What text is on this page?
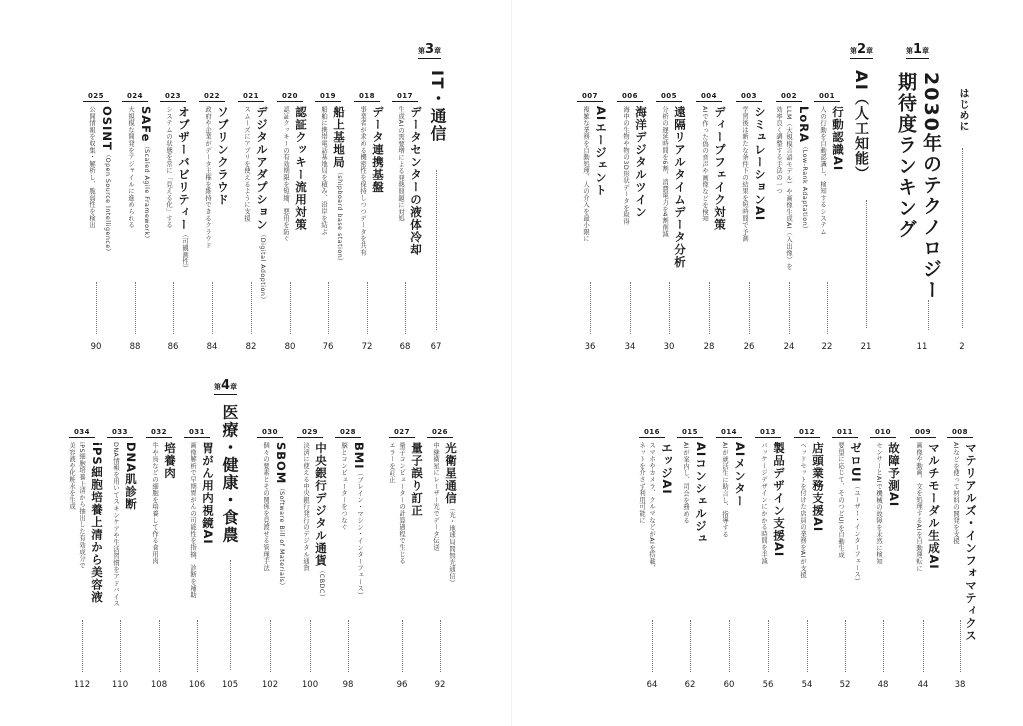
はじめに
2
第1章
2030年のテクノロジー
期待度ランキング
11
第2章
AI（人工知能）
21
第3章
IT・通信
67
第4章
医療・健康・食農
105
001
行動認識AI
人の行動を自動認識し、検知するシステム
22
002
LoRA（Low-Rank Adaptation）
LLM（大規模言語モデル）や画像生成AI（入出像）を
効率良く調整する手法の一つ
24
003
シミュレーションAI
学習後は新たな条件下の結果を短時間で予測
26
004
ディープフェイク対策
AIで作った偽の音声や画像などを検知
28
005
遠隔リアルタイムデータ分析
分析の遅延時間を6割、消費電力を4割削減
30
006
海洋デジタルツイン
海中の生物や物の3D形状データを取得
34
007
AIエージェント
複雑な業務を自動処理、人の介入を最小限に
36
008
マテリアルズ・インフォマティクス
AIなどを使って材料の開発を支援
38
009
マルチモーダル生成AI
画像や動画、文を処理するAIを自動運転に
44
010
故障予測AI
センサーとAIで機械の故障を未然に検知
48
011
ゼロUI（ユーザー・インターフェース）
要望に応じて、そのつどUIを自動生成
52
012
店頭業務支援AI
ヘッドセットを付けた店員の業務をAIが支援
54
013
製品デザイン支援AI
パッケージデザインにかかる時間を半減
56
014
AIメンター
AIが就活生に助言し、指導する
60
015
AIコンシェルジュ
AIが案内し、司会を務める
62
016
エッジAI
スマホやカメラ、クルマなどがAIを搭載、
ネットを介さず利用可能に
64
017
データセンターの液体冷却
生成AIの需要増による発熱問題に対処
68
018
データ連携基盤
事業者が求める機密性を保持しつつデータを共有
72
019
船上基地局（shipboard base station）
船舶に携帯電話基地局を積み、沿岸を結ぶ
76
020
認証クッキー流用対策
認証クッキーの有効期限を短縮、悪用を防ぐ
80
021
デジタルアダプション（Digital Adoption）
スムーズにアプリを使えるように支援
82
022
ソブリンクラウド
政府や企業がデータ主権を維持できるクラウド
84
023
オブザーバビリティー（可観測性）
システムの状態を常に「見える化」する
86
024
SAFe（Scaled Agile Framework）
大規模な開発をアジャイルに進められる
88
025
OSINT（Open Source Intelligence）
公開情報を収集・解析し、脆弱性を検出
90
026
光衛星通信（光・地球局間無光通信）
中継衛星にレーザー光でデータ伝送
92
027
量子誤り訂正
量子コンピューターの計算過程で生じる
エラーを訂正
96
028
BMI（ブレイン・マシン・インターフェース）
脳とコンピューターをつなぐ
98
029
中央銀行デジタル通貨（CBDC）
決済に使える中央銀行発行のデジタル通貨
100
030
SBOM（Software Bill of Materials）
個々の要素とその関係を見渡せる管理手法
102
031
胃がん用内視鏡AI
画像解析で早期胃がんの可能性を指摘、診断を補助
106
032
培養肉
牛や鳥などの細胞を培養して作る食用肉
108
033
DNA肌診断
DNA情報を用いてスキンケアや生活習慣をアドバイス
110
034
iPS細胞培養上清から美容液
iPS細胞培養上清から抽出した有効成分で
美容液や化粧水を生成
112
